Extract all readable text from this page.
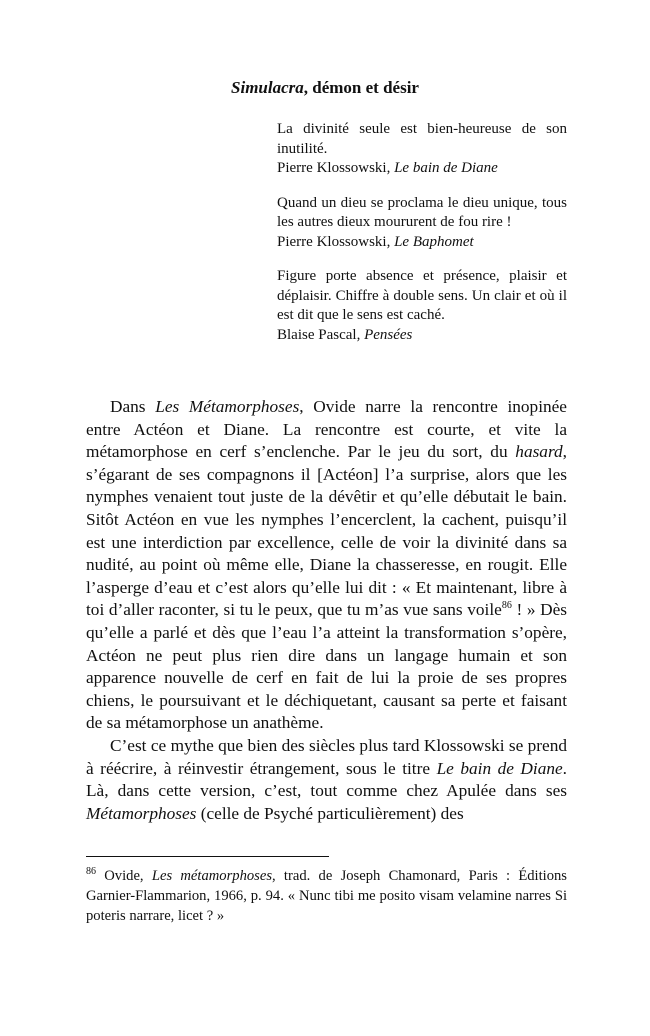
Simulacra, démon et désir

La divinité seule est bien-heureuse de son inutilité.

Pierre Klossowski, Le bain de Diane

Quand un dieu se proclama le dieu unique, tous les autres dieux moururent de fou rire !

Pierre Klossowski, Le Baphomet

Figure porte absence et présence, plaisir et déplaisir. Chiffre à double sens. Un clair et où il est dit que le sens est caché.

Blaise Pascal, Pensées

Dans Les Métamorphoses, Ovide narre la rencontre inopinée entre Actéon et Diane. La rencontre est courte, et vite la métamorphose en cerf s’enclenche. Par le jeu du sort, du hasard, s’égarant de ses compagnons il [Actéon] l’a surprise, alors que les nymphes venaient tout juste de la dévêtir et qu’elle débutait le bain. Sitôt Actéon en vue les nymphes l’encerclent, la cachent, puisqu’il est une interdiction par excellence, celle de voir la divinité dans sa nudité, au point où même elle, Diane la chasseresse, en rougit. Elle l’asperge d’eau et c’est alors qu’elle lui dit : « Et maintenant, libre à toi d’aller raconter, si tu le peux, que tu m’as vue sans voile$^{86}$ ! » Dès qu’elle a parlé et dès que l’eau l’a atteint la transformation s’opère, Actéon ne peut plus rien dire dans un langage humain et son apparence nouvelle de cerf en fait de lui la proie de ses propres chiens, le poursuivant et le déchiquetant, causant sa perte et faisant de sa métamorphose un anathème.

C’est ce mythe que bien des siècles plus tard Klossowski se prend à réécrire, à réinvestir étrangement, sous le titre Le bain de Diane. Là, dans cette version, c’est, tout comme chez Apulée dans ses Métamorphoses (celle de Psyché particulièrement) des

$^{86}$ Ovide, Les métamorphoses, trad. de Joseph Chamonard, Paris : Éditions Garnier-Flammarion, 1966, p. 94. « Nunc tibi me posito visam velamine narres Si poteris narrare, licet ? »
